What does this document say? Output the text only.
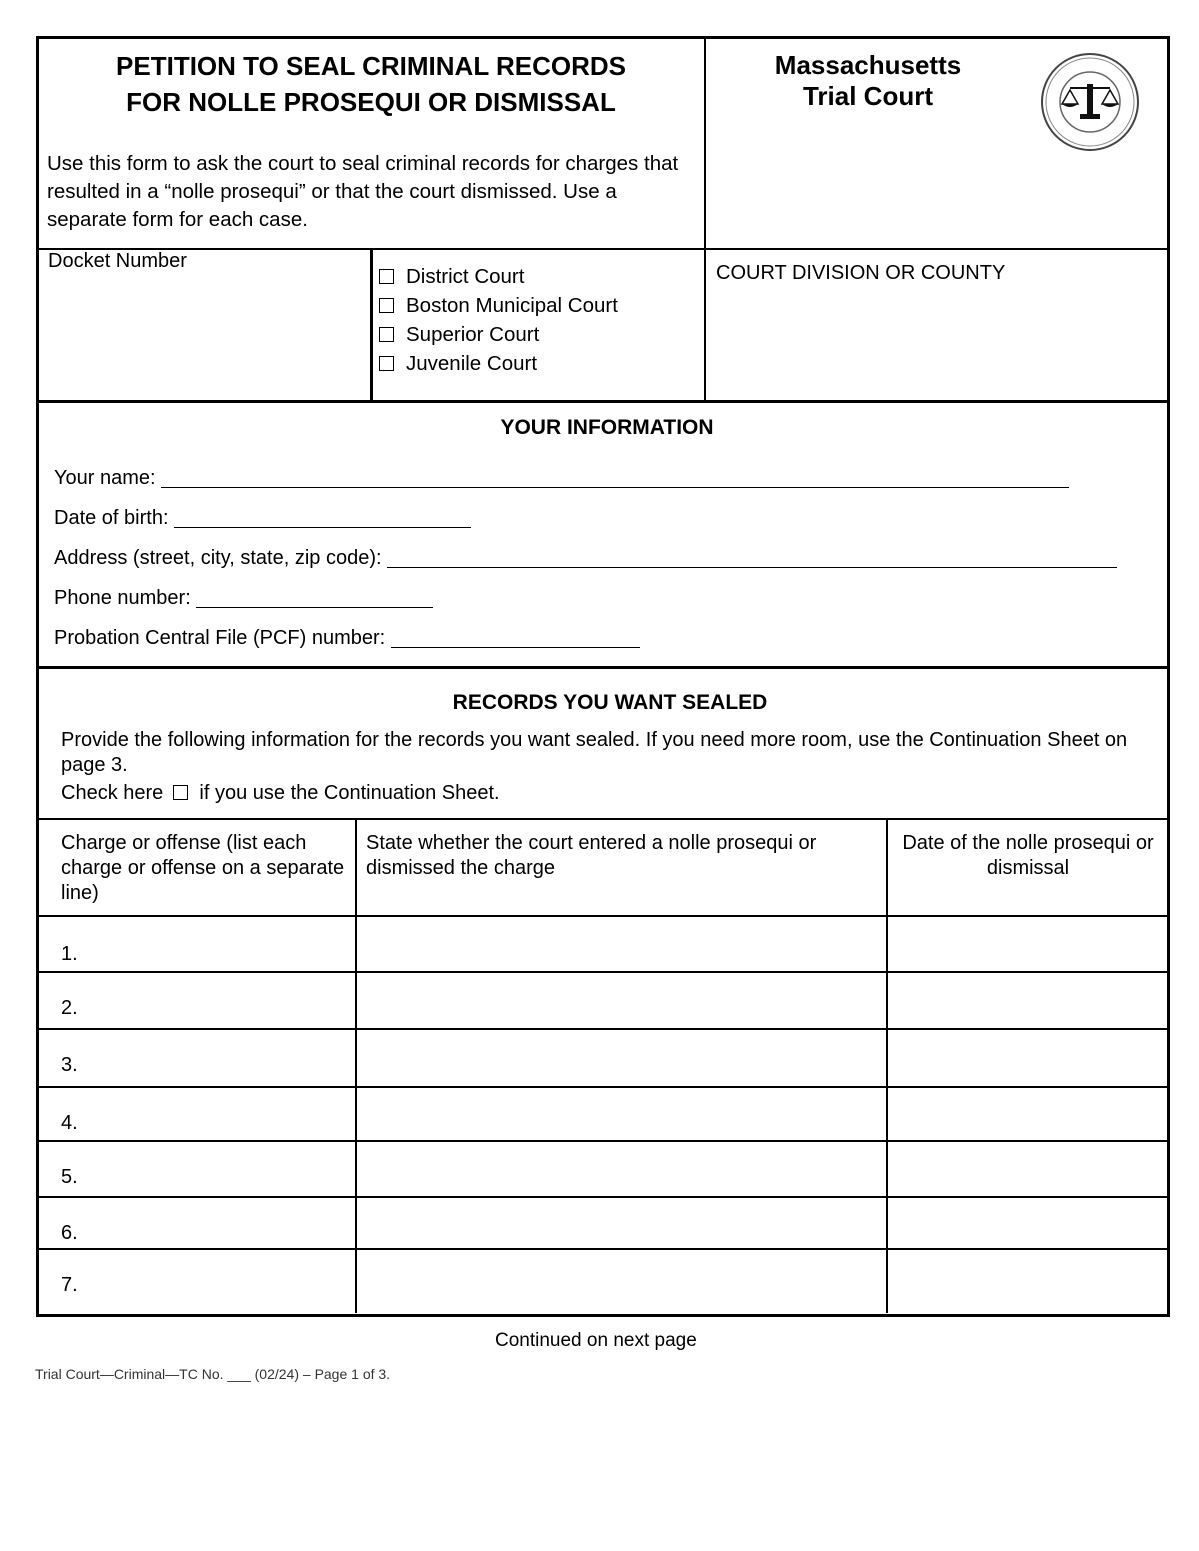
PETITION TO SEAL CRIMINAL RECORDS
FOR NOLLE PROSEQUI OR DISMISSAL
Use this form to ask the court to seal criminal records for charges that resulted in a “nolle prosequi” or that the court dismissed. Use a separate form for each case.
Massachusetts
Trial Court
Docket Number
District Court
Boston Municipal Court
Superior Court
Juvenile Court
COURT DIVISION OR COUNTY
YOUR INFORMATION
Your name:
Date of birth:
Address (street, city, state, zip code):
Phone number:
Probation Central File (PCF) number:
RECORDS YOU WANT SEALED
Provide the following information for the records you want sealed. If you need more room, use the Continuation Sheet on page 3.
Check here if you use the Continuation Sheet.
Charge or offense (list each charge or offense on a separate line)
State whether the court entered a nolle prosequi or dismissed the charge
Date of the nolle prosequi or dismissal
1.
2.
3.
4.
5.
6.
7.
Continued on next page
Trial Court—Criminal—TC No. ___ (02/24) – Page 1 of 3.
